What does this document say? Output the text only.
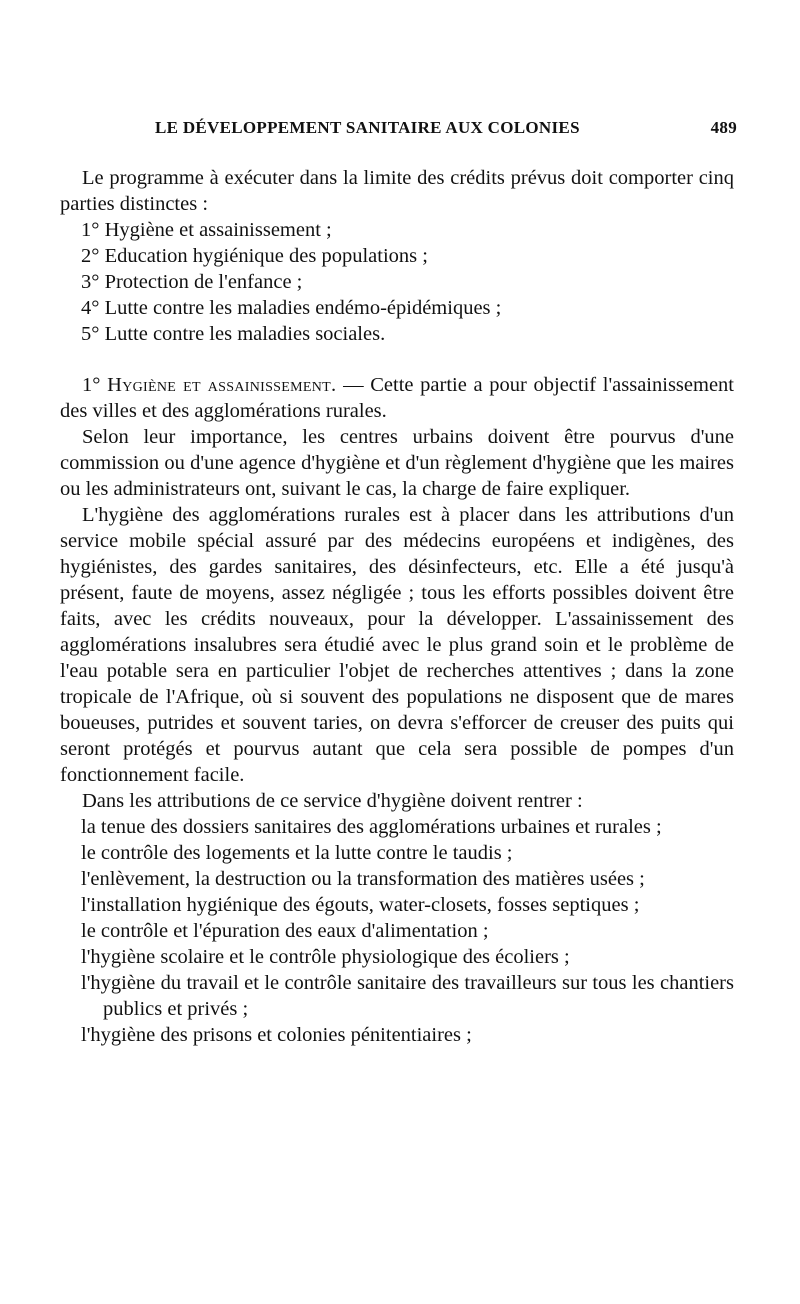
LE DÉVELOPPEMENT SANITAIRE AUX COLONIES	489

Le programme à exécuter dans la limite des crédits prévus doit comporter cinq parties distinctes :

1° Hygiène et assainissement ;

2° Education hygiénique des populations ;

3° Protection de l'enfance ;

4° Lutte contre les maladies endémo-épidémiques ;

5° Lutte contre les maladies sociales.

1° Hygiène et assainissement. — Cette partie a pour objectif l'assainissement des villes et des agglomérations rurales.

Selon leur importance, les centres urbains doivent être pourvus d'une commission ou d'une agence d'hygiène et d'un règlement d'hygiène que les maires ou les administrateurs ont, suivant le cas, la charge de faire expliquer.

L'hygiène des agglomérations rurales est à placer dans les attributions d'un service mobile spécial assuré par des médecins européens et indigènes, des hygiénistes, des gardes sanitaires, des désinfecteurs, etc. Elle a été jusqu'à présent, faute de moyens, assez négligée ; tous les efforts possibles doivent être faits, avec les crédits nouveaux, pour la développer. L'assainissement des agglomérations insalubres sera étudié avec le plus grand soin et le problème de l'eau potable sera en particulier l'objet de recherches attentives ; dans la zone tropicale de l'Afrique, où si souvent des populations ne disposent que de mares boueuses, putrides et souvent taries, on devra s'efforcer de creuser des puits qui seront protégés et pourvus autant que cela sera possible de pompes d'un fonctionnement facile.

Dans les attributions de ce service d'hygiène doivent rentrer :

la tenue des dossiers sanitaires des agglomérations urbaines et rurales ;

le contrôle des logements et la lutte contre le taudis ;

l'enlèvement, la destruction ou la transformation des matières usées ;

l'installation hygiénique des égouts, water-closets, fosses septiques ;

le contrôle et l'épuration des eaux d'alimentation ;

l'hygiène scolaire et le contrôle physiologique des écoliers ;

l'hygiène du travail et le contrôle sanitaire des travailleurs sur tous les chantiers publics et privés ;

l'hygiène des prisons et colonies pénitentiaires ;
